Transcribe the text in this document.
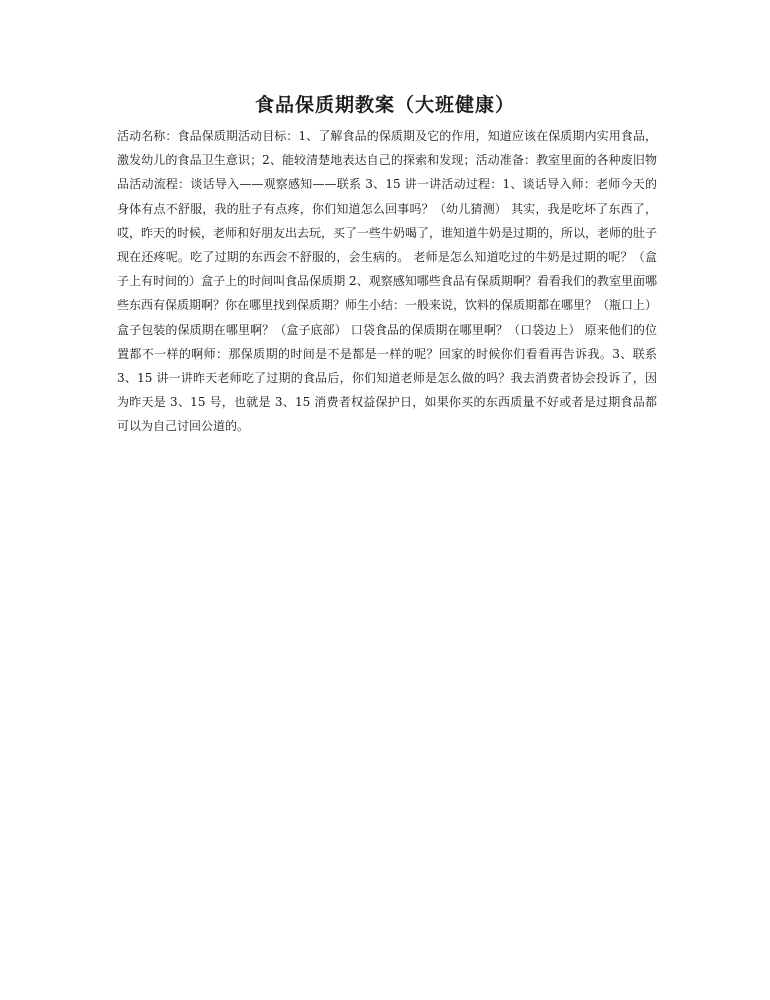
食品保质期教案（大班健康）

活动名称：食品保质期活动目标：1、了解食品的保质期及它的作用，知道应该在保质期内实用食品，激发幼儿的食品卫生意识；2、能较清楚地表达自己的探索和发现；活动准备：教室里面的各种废旧物品活动流程：谈话导入——观察感知——联系 3、15 讲一讲活动过程：1、谈话导入师：老师今天的身体有点不舒服，我的肚子有点疼，你们知道怎么回事吗？（幼儿猜测） 其实，我是吃坏了东西了，哎，昨天的时候，老师和好朋友出去玩，买了一些牛奶喝了，谁知道牛奶是过期的，所以，老师的肚子现在还疼呢。吃了过期的东西会不舒服的，会生病的。 老师是怎么知道吃过的牛奶是过期的呢？（盒子上有时间的）盒子上的时间叫食品保质期 2、观察感知哪些食品有保质期啊？看看我们的教室里面哪些东西有保质期啊？你在哪里找到保质期？师生小结：一般来说，饮料的保质期都在哪里？（瓶口上） 盒子包装的保质期在哪里啊？（盒子底部） 口袋食品的保质期在哪里啊？（口袋边上） 原来他们的位置都不一样的啊师：那保质期的时间是不是都是一样的呢？回家的时候你们看看再告诉我。3、联系 3、15 讲一讲昨天老师吃了过期的食品后，你们知道老师是怎么做的吗？我去消费者协会投诉了，因为昨天是 3、15 号，也就是 3、15 消费者权益保护日，如果你买的东西质量不好或者是过期食品都可以为自己讨回公道的。
